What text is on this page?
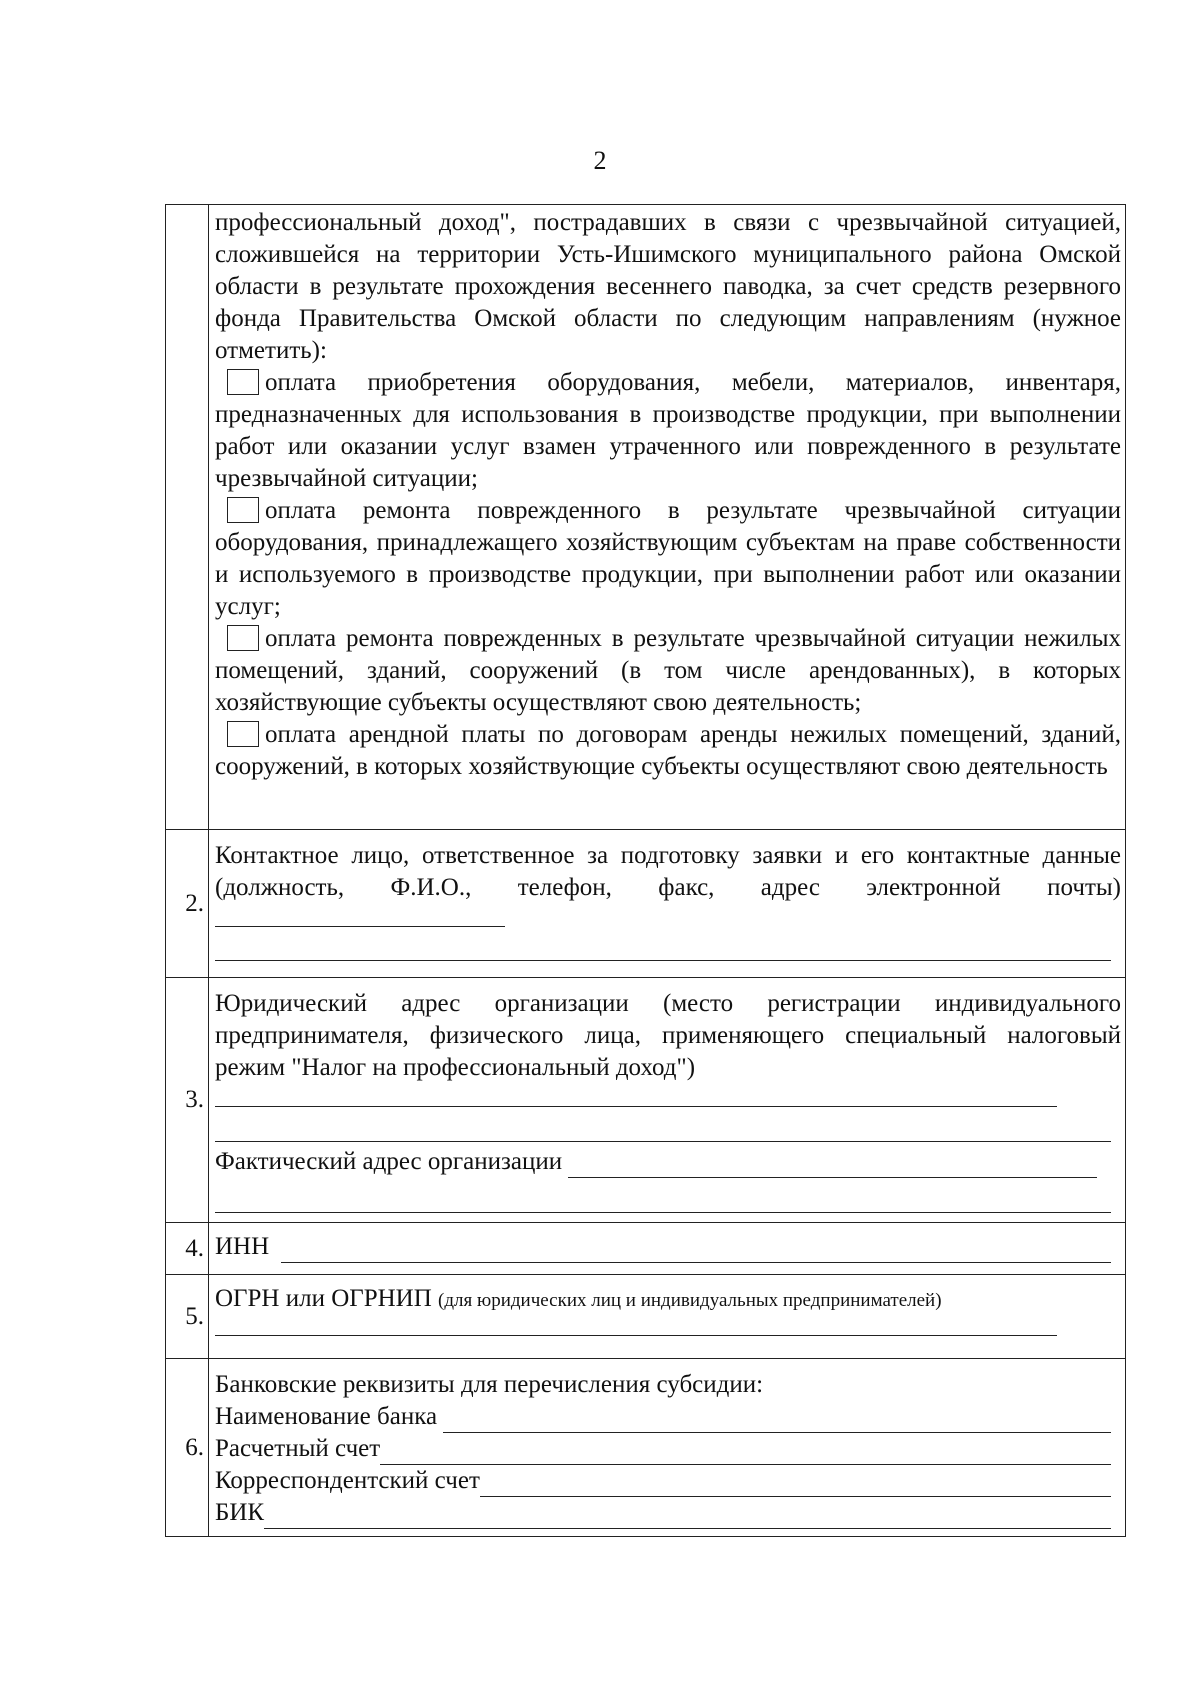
2

	профессиональный доход", пострадавших в связи с чрезвычайной ситуацией, сложившейся на территории Усть-Ишимского муниципального района Омской области в результате прохождения весеннего паводка, за счет средств резервного фонда Правительства Омской области по следующим направлениям (нужное отметить):

оплата приобретения оборудования, мебели, материалов, инвентаря, предназначенных для использования в производстве продукции, при выполнении работ или оказании услуг взамен утраченного или поврежденного в результате чрезвычайной ситуации;

оплата ремонта поврежденного в результате чрезвычайной ситуации оборудования, принадлежащего хозяйствующим субъектам на праве собственности и используемого в производстве продукции, при выполнении работ или оказании услуг;

оплата ремонта поврежденных в результате чрезвычайной ситуации нежилых помещений, зданий, сооружений (в том числе арендованных), в которых хозяйствующие субъекты осуществляют свою деятельность;

оплата арендной платы по договорам аренды нежилых помещений, зданий, сооружений, в которых хозяйствующие субъекты осуществляют свою деятельность

2.	Контактное лицо, ответственное за подготовку заявки и его контактные данные (должность, Ф.И.О., телефон, факс, адрес электронной почты)

3.	Юридический адрес организации (место регистрации индивидуального предпринимателя, физического лица, применяющего специальный налоговый режим "Налог на профессиональный доход")

Фактический адрес организации

4.	ИНН

5.	ОГРН или ОГРНИП (для юридических лиц и индивидуальных предпринимателей)

6.	Банковские реквизиты для перечисления субсидии:

Наименование банка
Расчетный счет
Корреспондентский счет
БИК
